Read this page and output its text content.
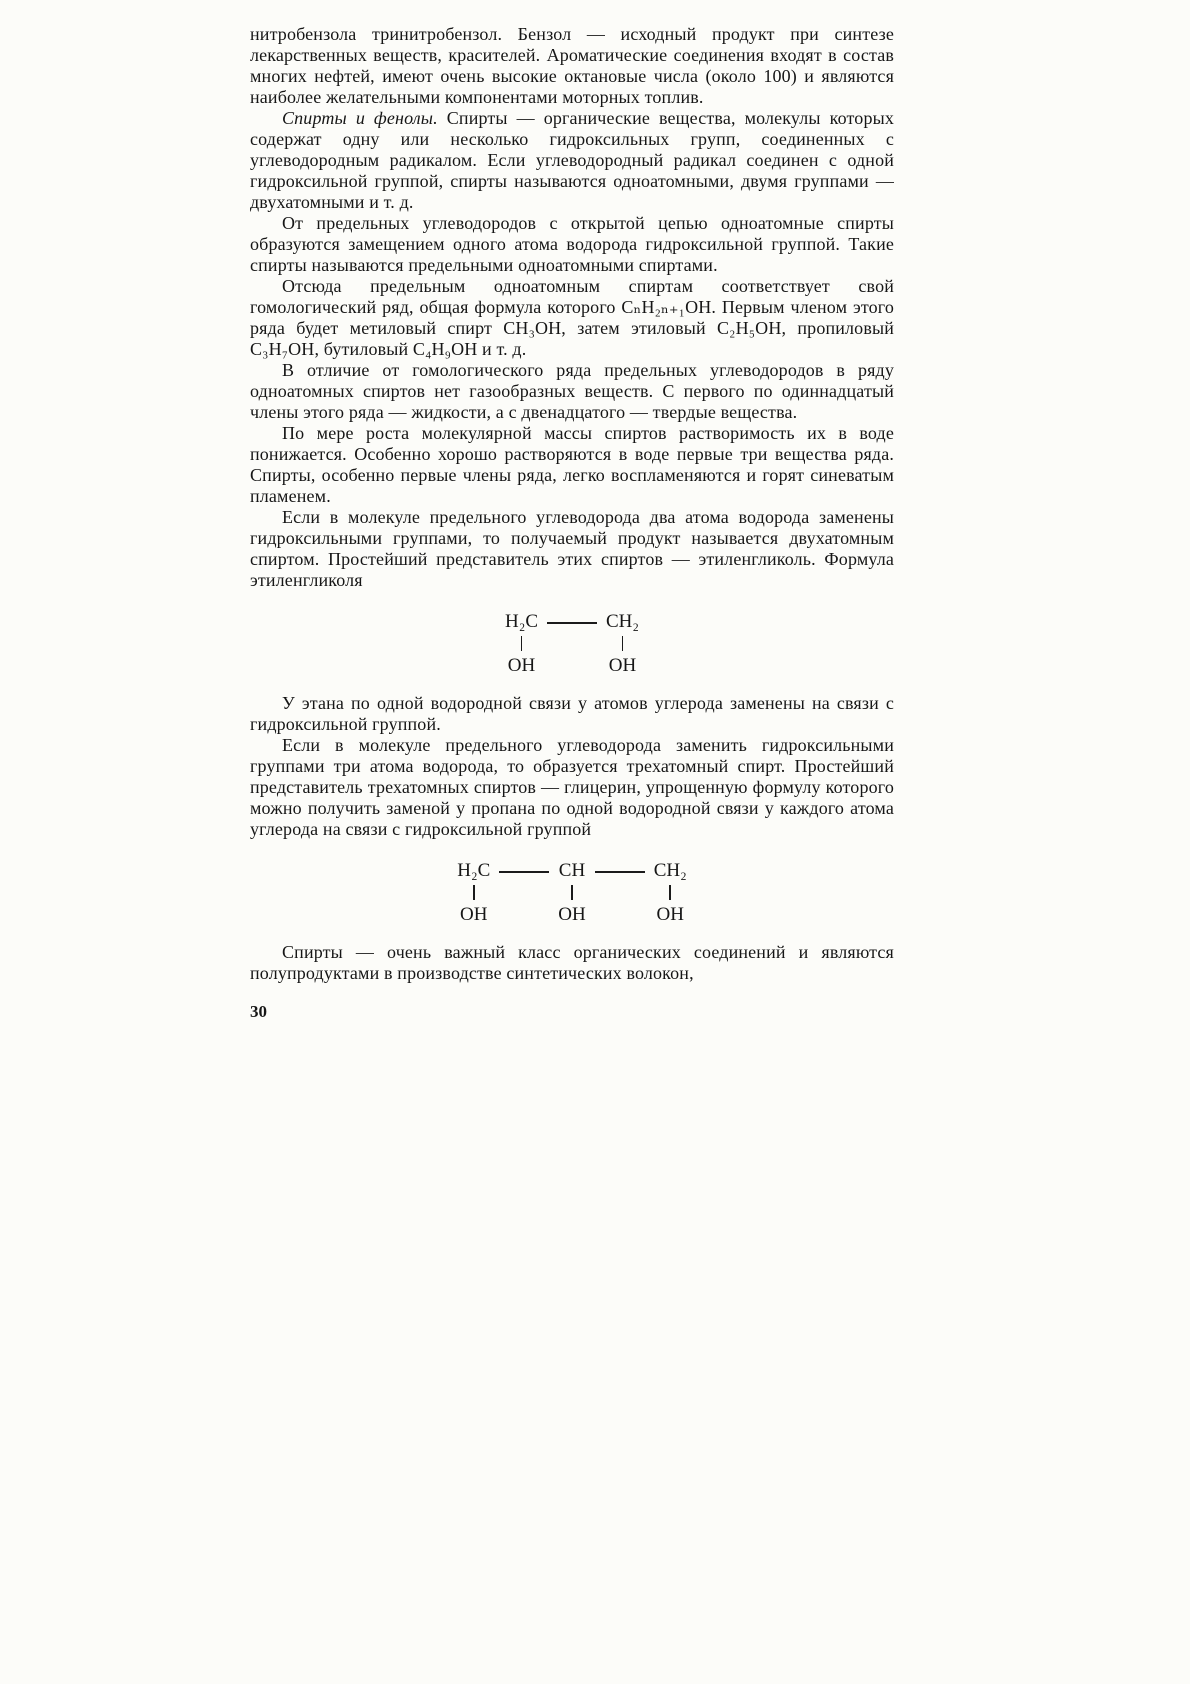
нитробензола тринитробензол. Бензол — исходный продукт при синтезе лекарственных веществ, красителей. Ароматические соединения входят в состав многих нефтей, имеют очень высокие октановые числа (около 100) и являются наиболее желательными компонентами моторных топлив.

Спирты и фенолы. Спирты — органические вещества, молекулы которых содержат одну или несколько гидроксильных групп, соединенных с углеводородным радикалом. Если углеводородный радикал соединен с одной гидроксильной группой, спирты называются одноатомными, двумя группами — двухатомными и т. д.

От предельных углеводородов с открытой цепью одноатомные спирты образуются замещением одного атома водорода гидроксильной группой. Такие спирты называются предельными одноатомными спиртами.

Отсюда предельным одноатомным спиртам соответствует свой гомологический ряд, общая формула которого CₙH₂ₙ₊₁OH. Первым членом этого ряда будет метиловый спирт CH₃OH, затем этиловый C₂H₅OH, пропиловый C₃H₇OH, бутиловый C₄H₉OH и т. д.

В отличие от гомологического ряда предельных углеводородов в ряду одноатомных спиртов нет газообразных веществ. С первого по одиннадцатый члены этого ряда — жидкости, а с двенадцатого — твердые вещества.

По мере роста молекулярной массы спиртов растворимость их в воде понижается. Особенно хорошо растворяются в воде первые три вещества ряда. Спирты, особенно первые члены ряда, легко воспламеняются и горят синеватым пламенем.

Если в молекуле предельного углеводорода два атома водорода заменены гидроксильными группами, то получаемый продукт называется двухатомным спиртом. Простейший представитель этих спиртов — этиленгликоль. Формула этиленгликоля

H₂C
OH
CH₂
OH

У этана по одной водородной связи у атомов углерода заменены на связи с гидроксильной группой.

Если в молекуле предельного углеводорода заменить гидроксильными группами три атома водорода, то образуется трехатомный спирт. Простейший представитель трехатомных спиртов — глицерин, упрощенную формулу которого можно получить заменой у пропана по одной водородной связи у каждого атома углерода на связи с гидроксильной группой

H₂C
OH
CH
OH
CH₂
OH

Спирты — очень важный класс органических соединений и являются полупродуктами в производстве синтетических волокон,

30
